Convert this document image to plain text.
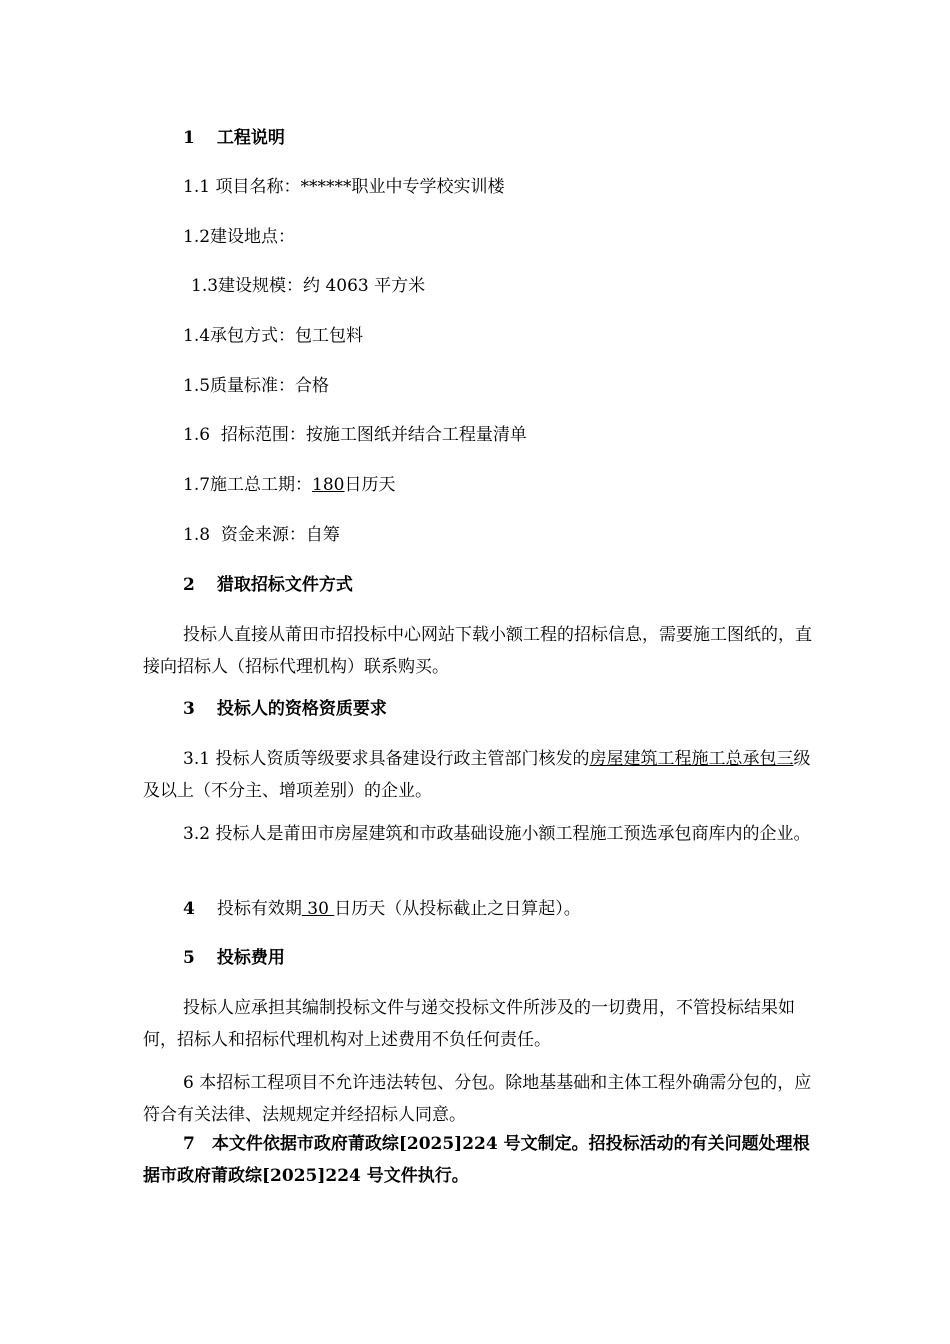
1 工程说明
1.1 项目名称：******职业中专学校实训楼
1.2建设地点：
1.3建设规模：约 4063 平方米
1.4承包方式：包工包料
1.5质量标准：合格
1.6 招标范围：按施工图纸并结合工程量清单
1.7施工总工期：180日历天
1.8 资金来源：自筹
2 猎取招标文件方式
投标人直接从莆田市招投标中心网站下载小额工程的招标信息，需要施工图纸的，直接向招标人（招标代理机构）联系购买。
3 投标人的资格资质要求
3.1 投标人资质等级要求具备建设行政主管部门核发的房屋建筑工程施工总承包三级及以上（不分主、增项差别）的企业。
3.2 投标人是莆田市房屋建筑和市政基础设施小额工程施工预选承包商库内的企业。
4 投标有效期 30 日历天（从投标截止之日算起）。
5 投标费用
投标人应承担其编制投标文件与递交投标文件所涉及的一切费用，不管投标结果如何，招标人和招标代理机构对上述费用不负任何责任。
6 本招标工程项目不允许违法转包、分包。除地基基础和主体工程外确需分包的，应符合有关法律、法规规定并经招标人同意。
7　本文件依据市政府莆政综[2025]224 号文制定。招投标活动的有关问题处理根据市政府莆政综[2025]224 号文件执行。
